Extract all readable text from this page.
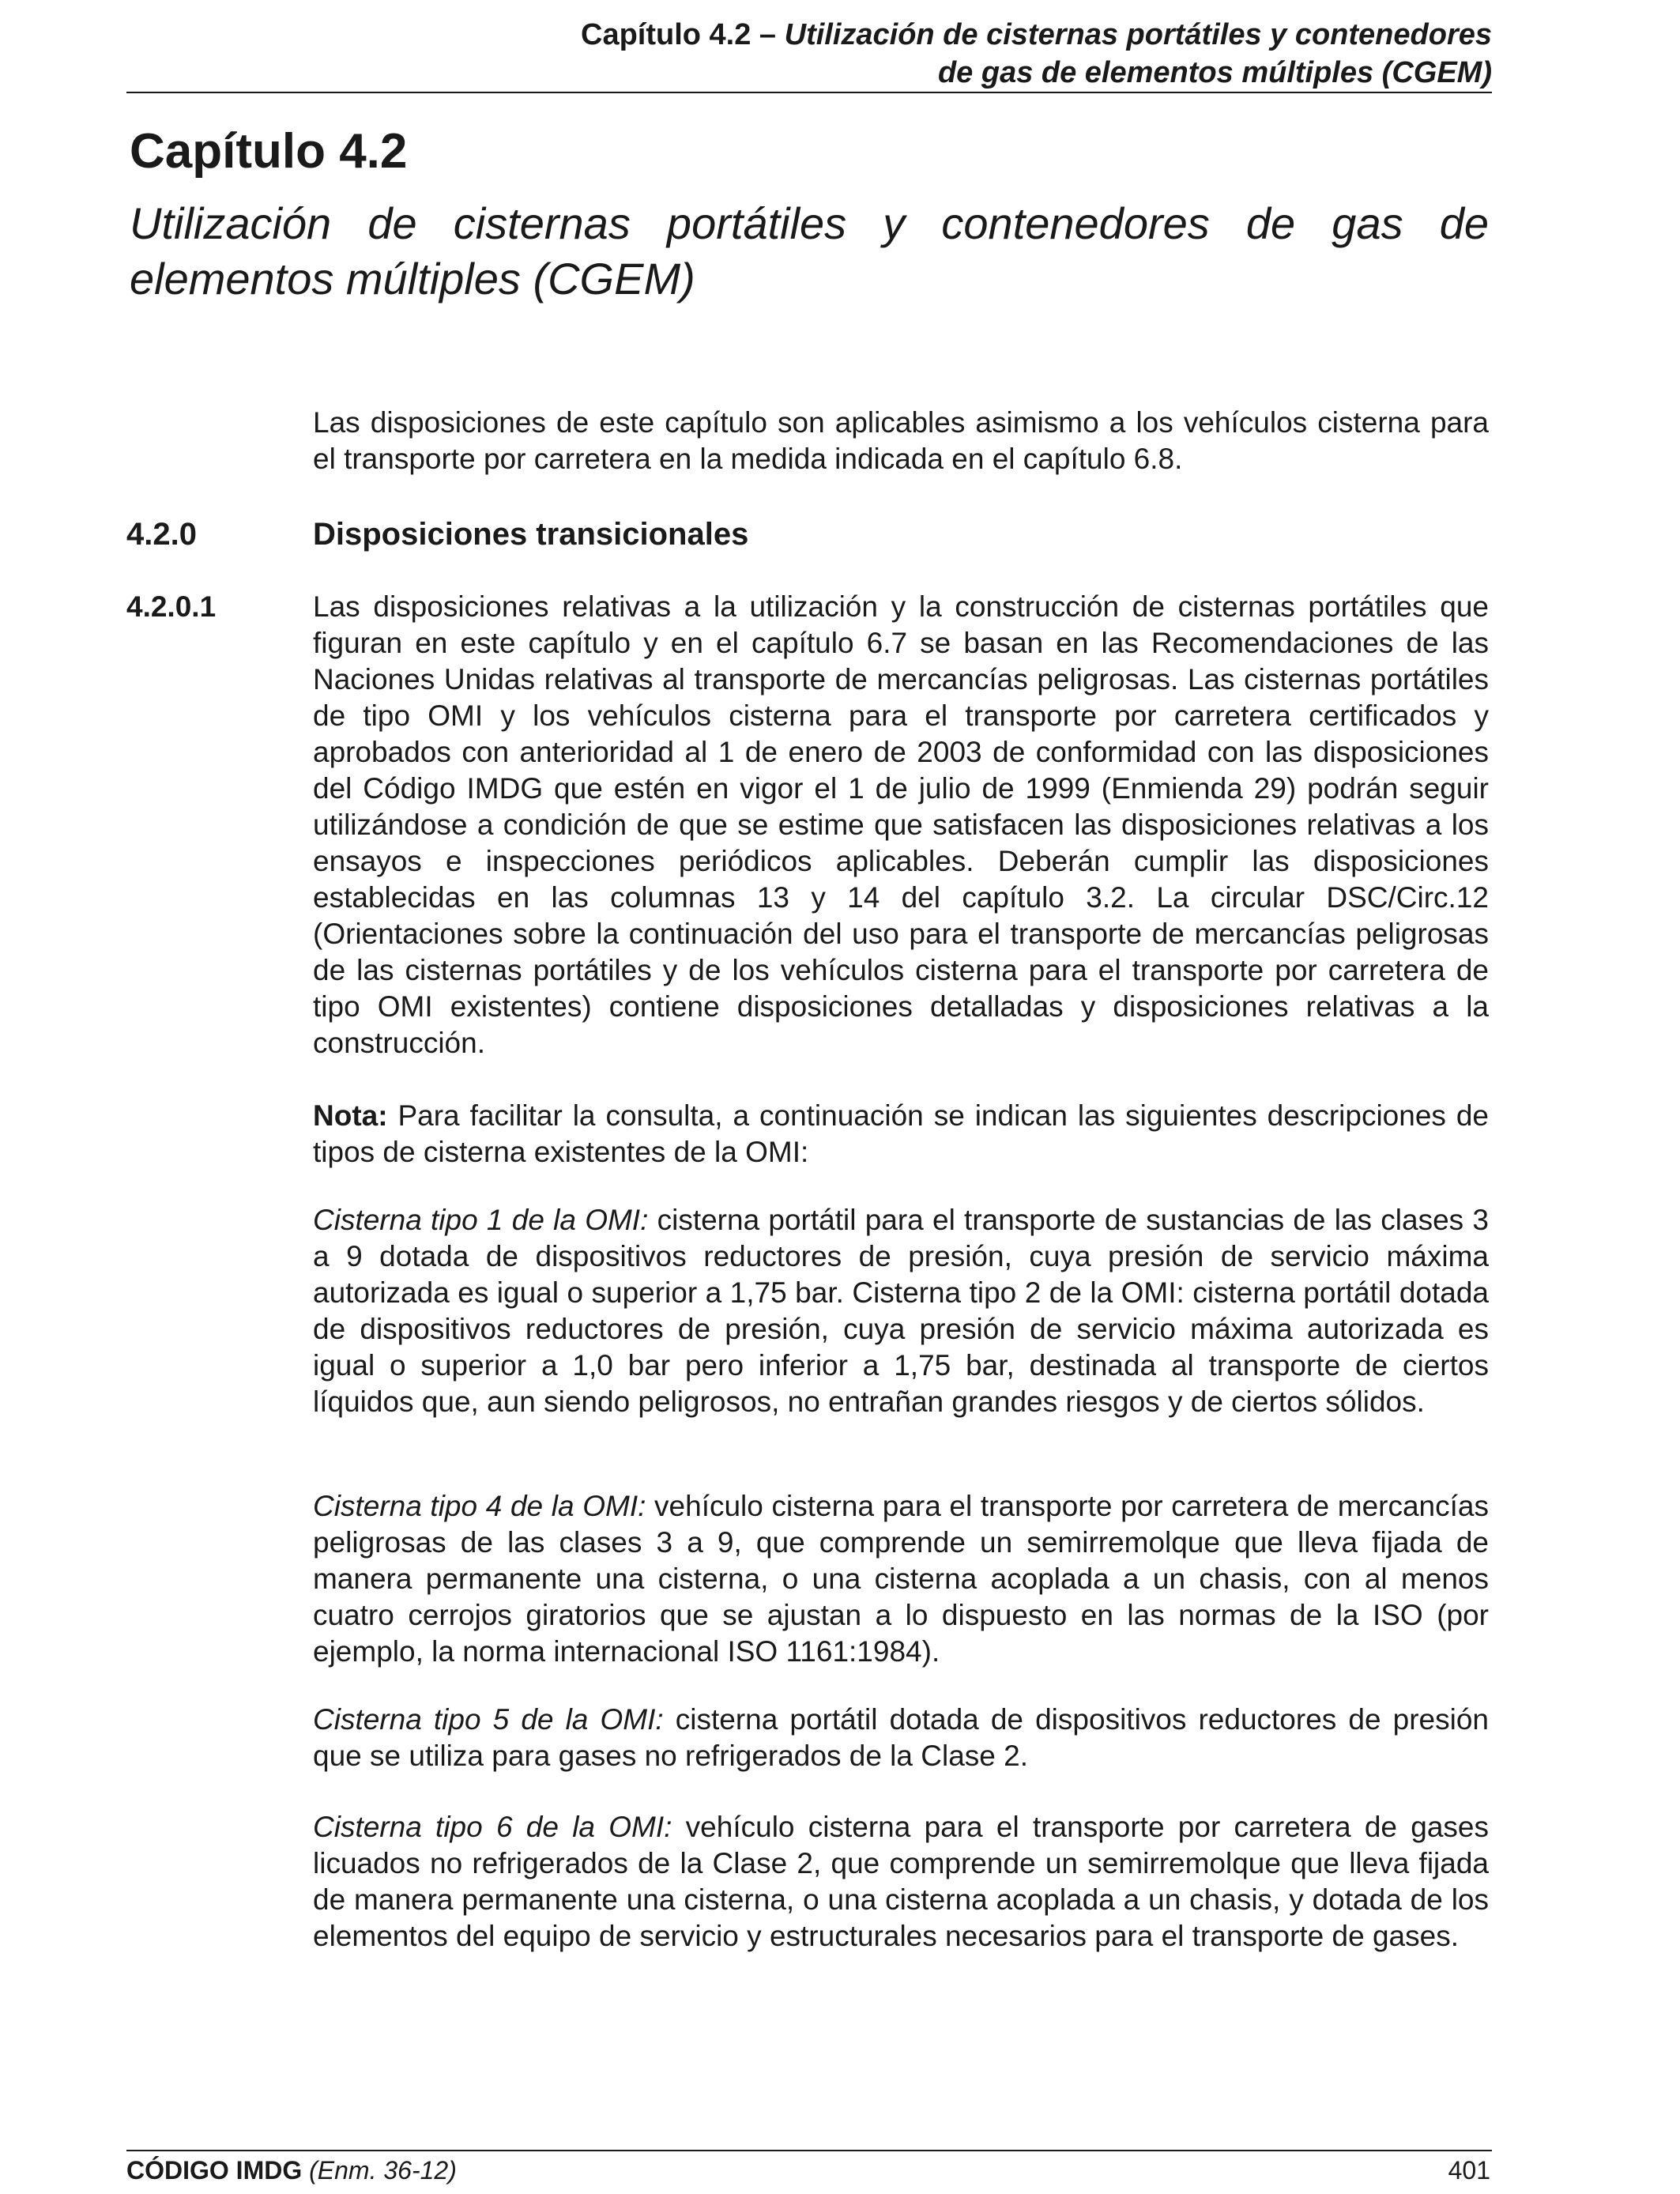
Capítulo 4.2 – Utilización de cisternas portátiles y contenedores
de gas de elementos múltiples (CGEM)
Capítulo 4.2
Utilización de cisternas portátiles y contenedores de gas de elementos múltiples (CGEM)

Las disposiciones de este capítulo son aplicables asimismo a los vehículos cisterna para el transporte por carretera en la medida indicada en el capítulo 6.8.

4.2.0	Disposiciones transicionales
4.2.0.1	Las disposiciones relativas a la utilización y la construcción de cisternas portátiles que figuran en este capítulo y en el capítulo 6.7 se basan en las Recomendaciones de las Naciones Unidas relativas al transporte de mercancías peligrosas. Las cisternas portátiles de tipo OMI y los vehículos cisterna para el transporte por carretera certificados y aprobados con anterioridad al 1 de enero de 2003 de conformidad con las disposiciones del Código IMDG que estén en vigor el 1 de julio de 1999 (Enmienda 29) podrán seguir utilizándose a condición de que se estime que satisfacen las disposiciones relativas a los ensayos e inspecciones periódicos aplicables. Deberán cumplir las disposiciones establecidas en las columnas 13 y 14 del capítulo 3.2. La circular DSC/Circ.12 (Orientaciones sobre la continuación del uso para el transporte de mercancías peligrosas de las cisternas portátiles y de los vehículos cisterna para el transporte por carretera de tipo OMI existentes) contiene disposiciones detalladas y disposiciones relativas a la construcción.

Nota: Para facilitar la consulta, a continuación se indican las siguientes descripciones de tipos de cisterna existentes de la OMI:

Cisterna tipo 1 de la OMI: cisterna portátil para el transporte de sustancias de las clases 3 a 9 dotada de dispositivos reductores de presión, cuya presión de servicio máxima autorizada es igual o superior a 1,75 bar. Cisterna tipo 2 de la OMI: cisterna portátil dotada de dispositivos reductores de presión, cuya presión de servicio máxima autorizada es igual o superior a 1,0 bar pero inferior a 1,75 bar, destinada al transporte de ciertos líquidos que, aun siendo peligrosos, no entrañan grandes riesgos y de ciertos sólidos.

Cisterna tipo 4 de la OMI: vehículo cisterna para el transporte por carretera de mercancías peligrosas de las clases 3 a 9, que comprende un semirremolque que lleva fijada de manera permanente una cisterna, o una cisterna acoplada a un chasis, con al menos cuatro cerrojos giratorios que se ajustan a lo dispuesto en las normas de la ISO (por ejemplo, la norma internacional ISO 1161:1984).

Cisterna tipo 5 de la OMI: cisterna portátil dotada de dispositivos reductores de presión que se utiliza para gases no refrigerados de la Clase 2.

Cisterna tipo 6 de la OMI: vehículo cisterna para el transporte por carretera de gases licuados no refrigerados de la Clase 2, que comprende un semirremolque que lleva fijada de manera permanente una cisterna, o una cisterna acoplada a un chasis, y dotada de los elementos del equipo de servicio y estructurales necesarios para el transporte de gases.

CÓDIGO IMDG (Enm. 36-12)	401
